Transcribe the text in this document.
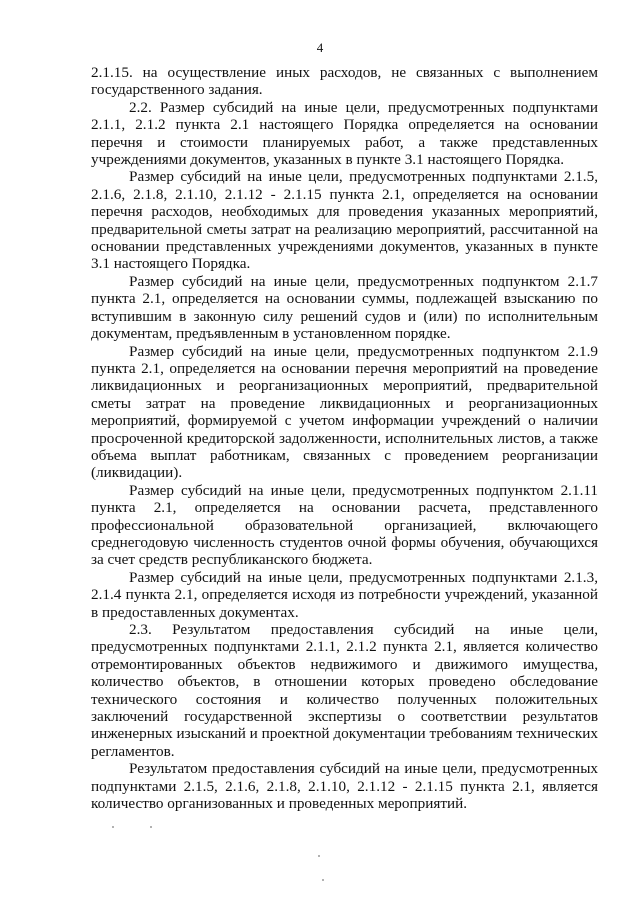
4

2.1.15. на осуществление иных расходов, не связанных с выполнением государственного задания.

2.2. Размер субсидий на иные цели, предусмотренных подпунктами 2.1.1, 2.1.2 пункта 2.1 настоящего Порядка определяется на основании перечня и стоимости планируемых работ, а также представленных учреждениями документов, указанных в пункте 3.1 настоящего Порядка.

Размер субсидий на иные цели, предусмотренных подпунктами 2.1.5, 2.1.6, 2.1.8, 2.1.10, 2.1.12 - 2.1.15 пункта 2.1, определяется на основании перечня расходов, необходимых для проведения указанных мероприятий, предварительной сметы затрат на реализацию мероприятий, рассчитанной на основании представленных учреждениями документов, указанных в пункте 3.1 настоящего Порядка.

Размер субсидий на иные цели, предусмотренных подпунктом 2.1.7 пункта 2.1, определяется на основании суммы, подлежащей взысканию по вступившим в законную силу решений судов и (или) по исполнительным документам, предъявленным в установленном порядке.

Размер субсидий на иные цели, предусмотренных подпунктом 2.1.9 пункта 2.1, определяется на основании перечня мероприятий на проведение ликвидационных и реорганизационных мероприятий, предварительной сметы затрат на проведение ликвидационных и реорганизационных мероприятий, формируемой с учетом информации учреждений о наличии просроченной кредиторской задолженности, исполнительных листов, а также объема выплат работникам, связанных с проведением реорганизации (ликвидации).

Размер субсидий на иные цели, предусмотренных подпунктом 2.1.11 пункта 2.1, определяется на основании расчета, представленного профессиональной образовательной организацией, включающего среднегодовую численность студентов очной формы обучения, обучающихся за счет средств республиканского бюджета.

Размер субсидий на иные цели, предусмотренных подпунктами 2.1.3, 2.1.4 пункта 2.1, определяется исходя из потребности учреждений, указанной в предоставленных документах.

2.3. Результатом предоставления субсидий на иные цели, предусмотренных подпунктами 2.1.1, 2.1.2 пункта 2.1, является количество отремонтированных объектов недвижимого и движимого имущества, количество объектов, в отношении которых проведено обследование технического состояния и количество полученных положительных заключений государственной экспертизы о соответствии результатов инженерных изысканий и проектной документации требованиям технических регламентов.

Результатом предоставления субсидий на иные цели, предусмотренных подпунктами 2.1.5, 2.1.6, 2.1.8, 2.1.10, 2.1.12 - 2.1.15 пункта 2.1, является количество организованных и проведенных мероприятий.
